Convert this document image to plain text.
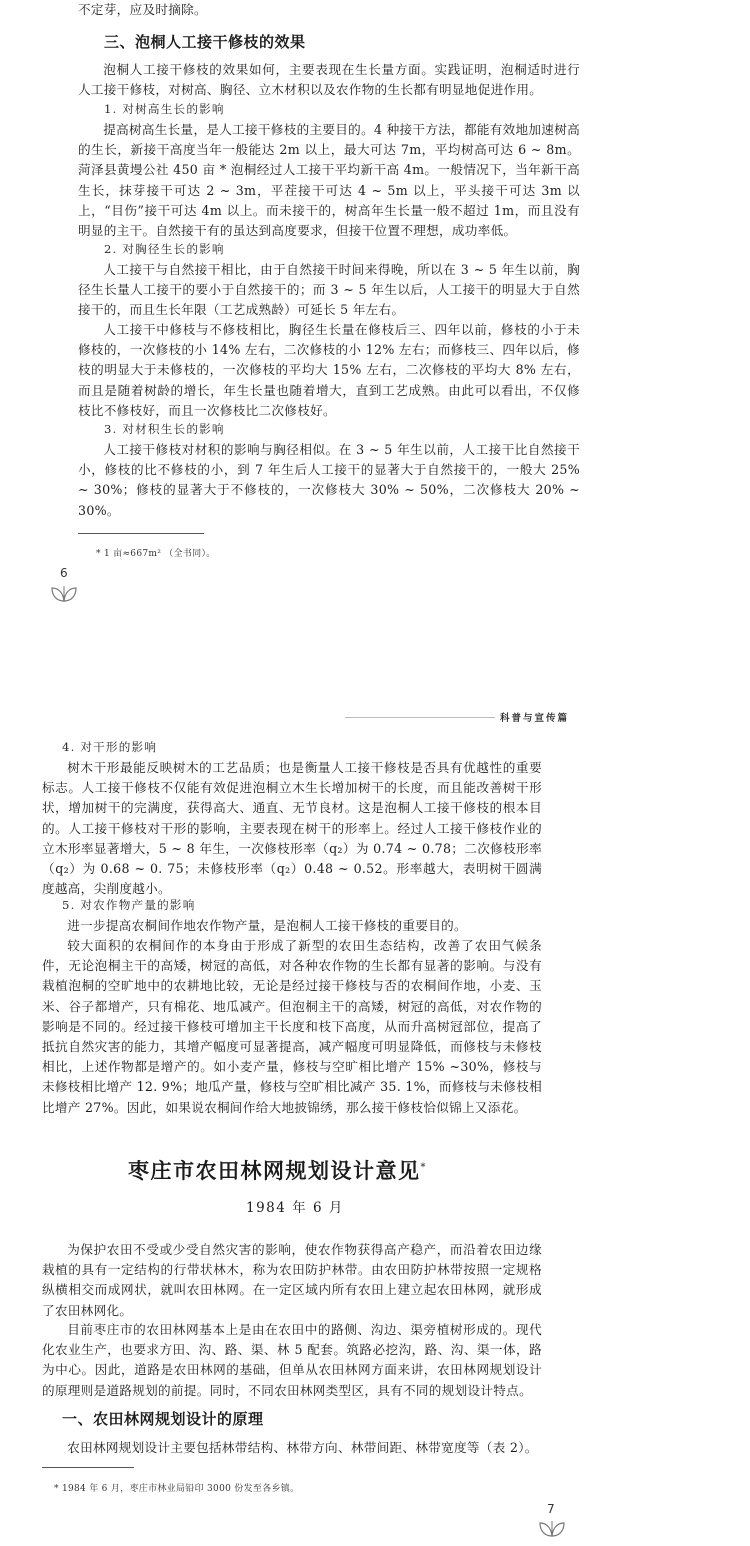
不定芽，应及时摘除。
三、泡桐人工接干修枝的效果
泡桐人工接干修枝的效果如何，主要表现在生长量方面。实践证明，泡桐适时进行人工接干修枝，对树高、胸径、立木材积以及农作物的生长都有明显地促进作用。
1. 对树高生长的影响
提高树高生长量，是人工接干修枝的主要目的。4 种接干方法，都能有效地加速树高的生长，新接干高度当年一般能达 2m 以上，最大可达 7m，平均树高可达 6 ~ 8m。菏泽县黄墁公社 450 亩 * 泡桐经过人工接干平均新干高 4m。一般情况下，当年新干高生长，抹芽接干可达 2 ~ 3m，平茬接干可达 4 ~ 5m 以上，平头接干可达 3m 以上，“目伤”接干可达 4m 以上。而未接干的，树高年生长量一般不超过 1m，而且没有明显的主干。自然接干有的虽达到高度要求，但接干位置不理想，成功率低。
2. 对胸径生长的影响
人工接干与自然接干相比，由于自然接干时间来得晚，所以在 3 ~ 5 年生以前，胸径生长量人工接干的要小于自然接干的；而 3 ~ 5 年生以后，人工接干的明显大于自然接干的，而且生长年限（工艺成熟龄）可延长 5 年左右。
人工接干中修枝与不修枝相比，胸径生长量在修枝后三、四年以前，修枝的小于未修枝的，一次修枝的小 14% 左右，二次修枝的小 12% 左右；而修枝三、四年以后，修枝的明显大于未修枝的，一次修枝的平均大 15% 左右，二次修枝的平均大 8% 左右，而且是随着树龄的增长，年生长量也随着增大，直到工艺成熟。由此可以看出，不仅修枝比不修枝好，而且一次修枝比二次修枝好。
3. 对材积生长的影响
人工接干修枝对材积的影响与胸径相似。在 3 ~ 5 年生以前，人工接干比自然接干小，修枝的比不修枝的小，到 7 年生后人工接干的显著大于自然接干的，一般大 25% ~ 30%；修枝的显著大于不修枝的，一次修枝大 30% ~ 50%，二次修枝大 20% ~ 30%。
* 1 亩≈667m² （全书同）。
6
科普与宣传篇
4. 对干形的影响
树木干形最能反映树木的工艺品质；也是衡量人工接干修枝是否具有优越性的重要标志。人工接干修枝不仅能有效促进泡桐立木生长增加树干的长度，而且能改善树干形状，增加树干的完满度，获得高大、通直、无节良材。这是泡桐人工接干修枝的根本目的。人工接干修枝对干形的影响，主要表现在树干的形率上。经过人工接干修枝作业的立木形率显著增大，5 ~ 8 年生，一次修枝形率（q₂）为 0.74 ~ 0.78；二次修枝形率（q₂）为 0.68 ~ 0. 75；未修枝形率（q₂）0.48 ~ 0.52。形率越大，表明树干圆满度越高，尖削度越小。
5. 对农作物产量的影响
进一步提高农桐间作地农作物产量，是泡桐人工接干修枝的重要目的。
较大面积的农桐间作的本身由于形成了新型的农田生态结构，改善了农田气候条件，无论泡桐主干的高矮，树冠的高低，对各种农作物的生长都有显著的影响。与没有栽植泡桐的空旷地中的农耕地比较，无论是经过接干修枝与否的农桐间作地，小麦、玉米、谷子都增产，只有棉花、地瓜减产。但泡桐主干的高矮，树冠的高低，对农作物的影响是不同的。经过接干修枝可增加主干长度和枝下高度，从而升高树冠部位，提高了抵抗自然灾害的能力，其增产幅度可显著提高，减产幅度可明显降低，而修枝与未修枝相比，上述作物都是增产的。如小麦产量，修枝与空旷相比增产 15% ~30%，修枝与未修枝相比增产 12. 9%；地瓜产量，修枝与空旷相比减产 35. 1%，而修枝与未修枝相比增产 27%。因此，如果说农桐间作给大地披锦绣，那么接干修枝恰似锦上又添花。
枣庄市农田林网规划设计意见*
1984 年 6 月
为保护农田不受或少受自然灾害的影响，使农作物获得高产稳产，而沿着农田边缘栽植的具有一定结构的行带状林木，称为农田防护林带。由农田防护林带按照一定规格纵横相交而成网状，就叫农田林网。在一定区域内所有农田上建立起农田林网，就形成了农田林网化。
目前枣庄市的农田林网基本上是由在农田中的路侧、沟边、渠旁植树形成的。现代化农业生产，也要求方田、沟、路、渠、林 5 配套。筑路必挖沟，路、沟、渠一体，路为中心。因此，道路是农田林网的基础，但单从农田林网方面来讲，农田林网规划设计的原理则是道路规划的前提。同时，不同农田林网类型区，具有不同的规划设计特点。
一、农田林网规划设计的原理
农田林网规划设计主要包括林带结构、林带方向、林带间距、林带宽度等（表 2）。
* 1984 年 6 月，枣庄市林业局铅印 3000 份发至各乡镇。
7
